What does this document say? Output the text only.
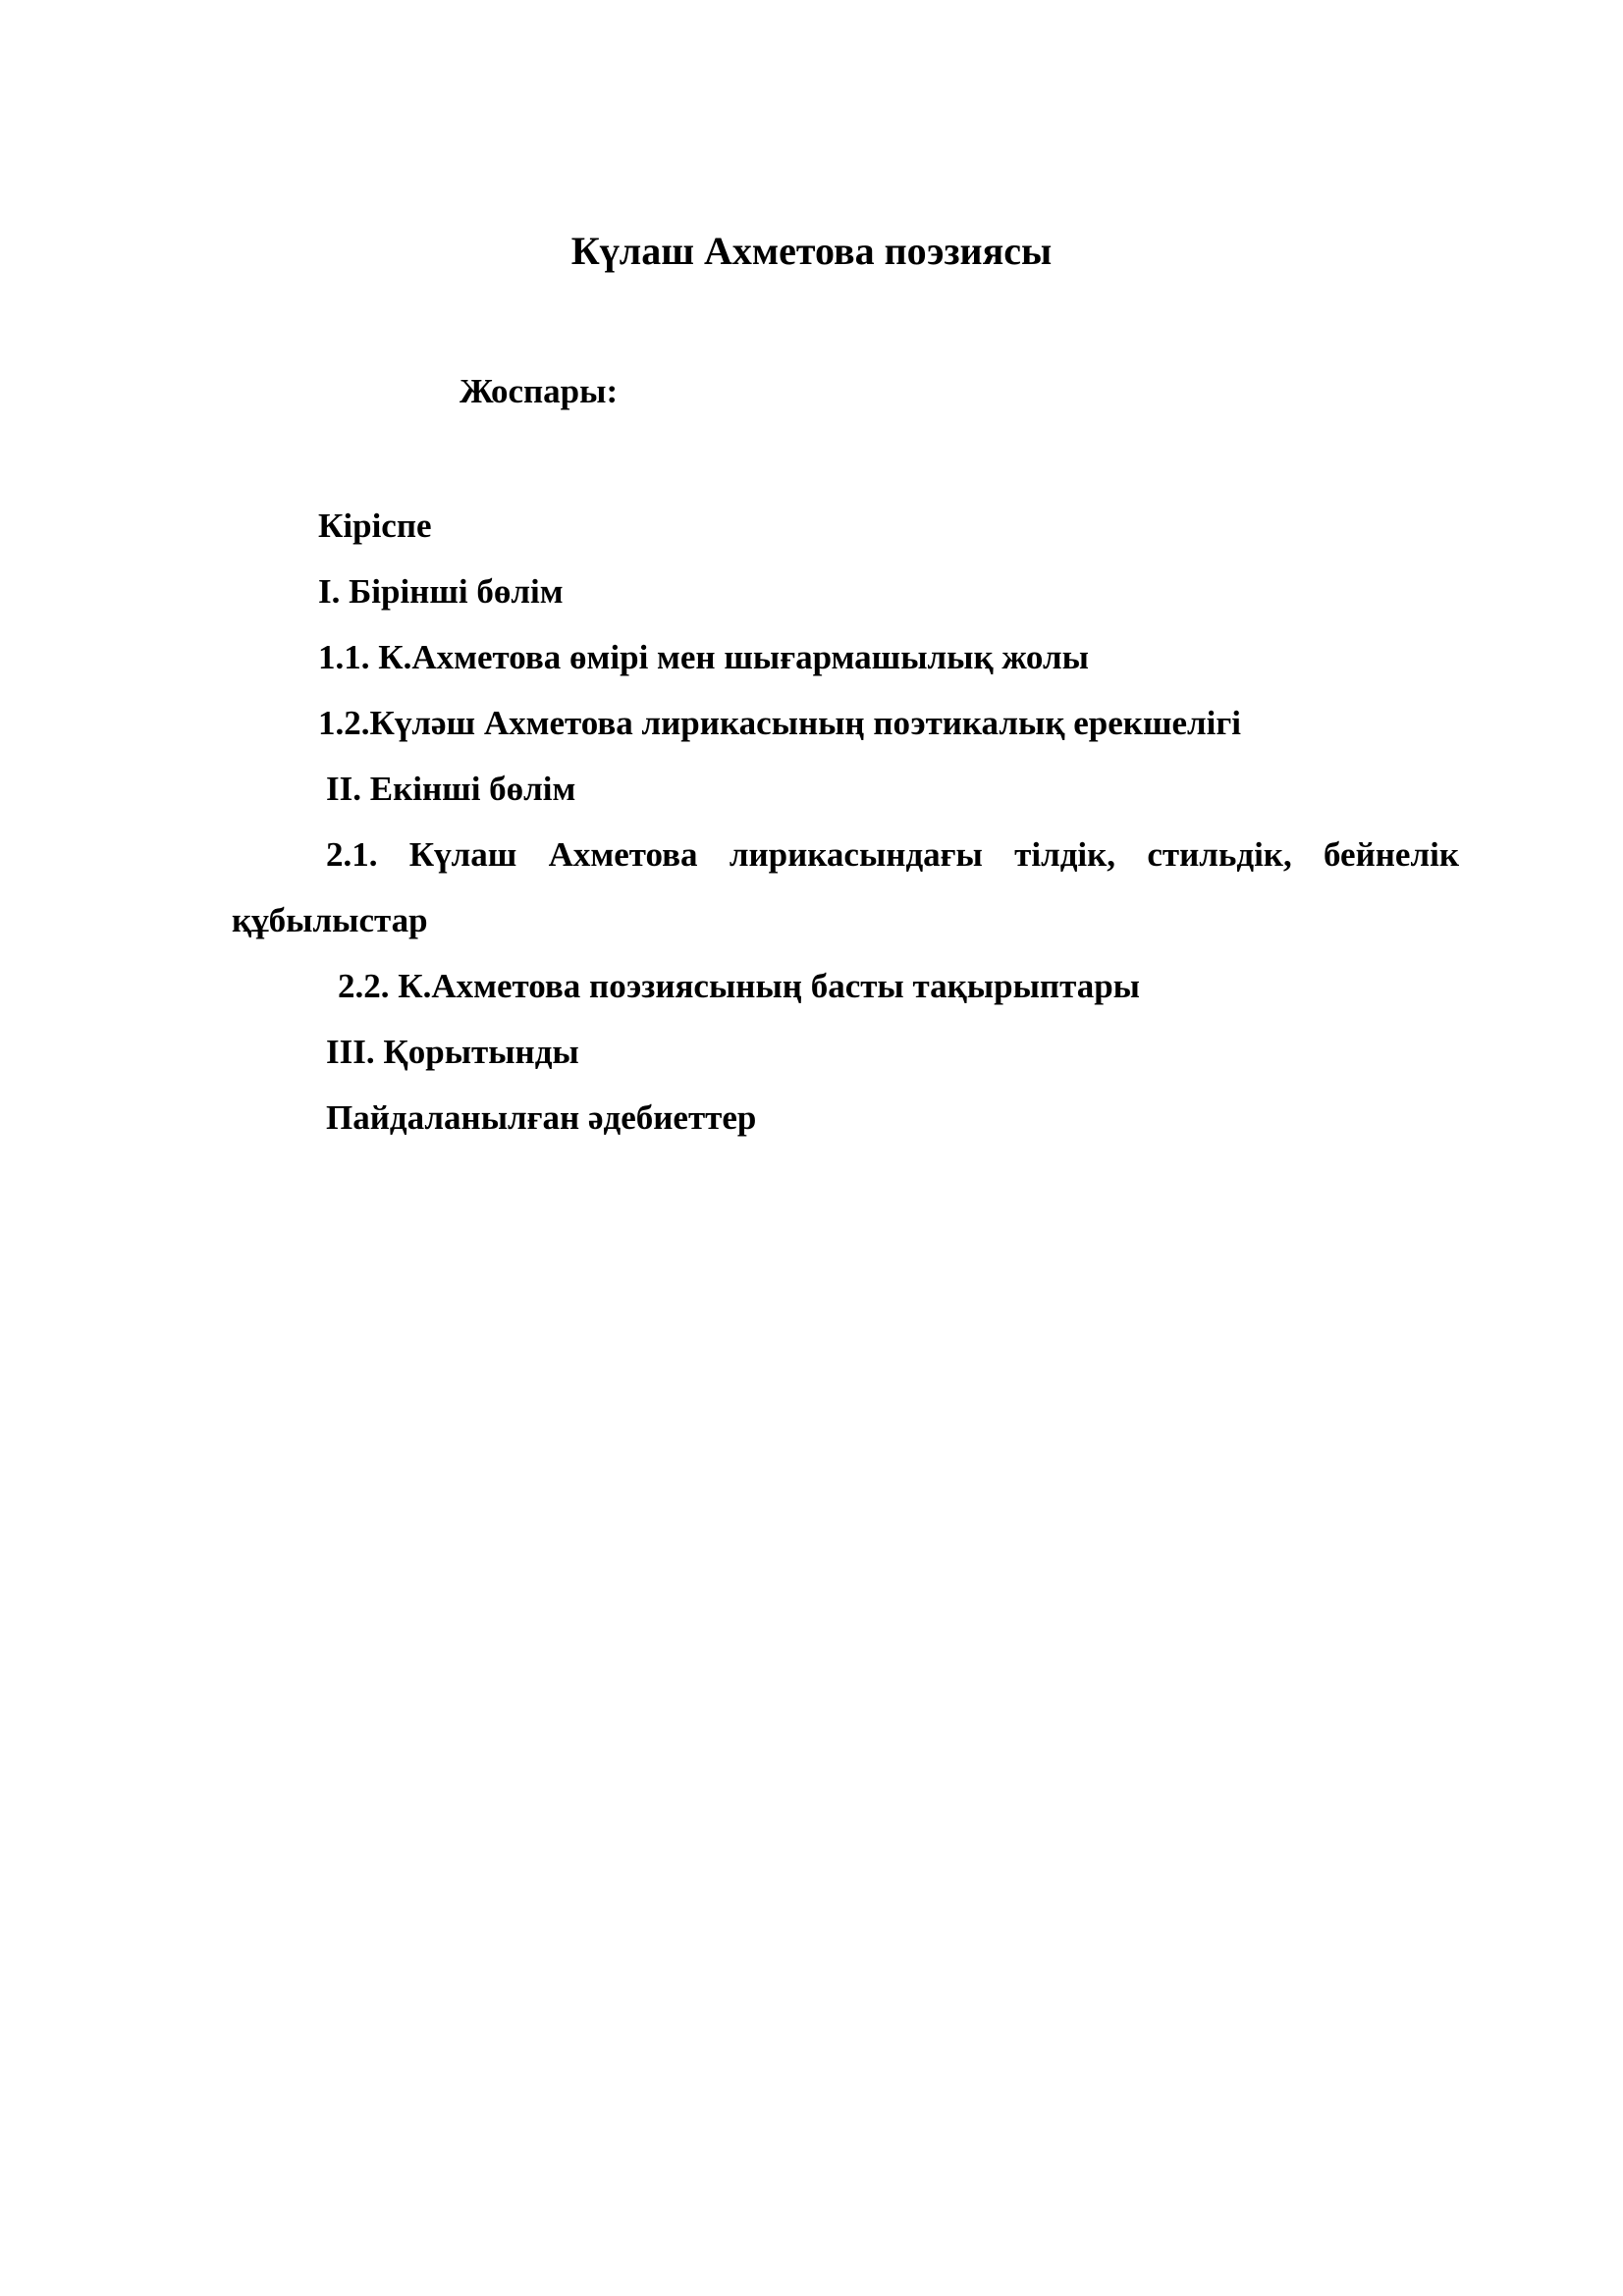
Күлаш Ахметова поэзиясы
Жоспары:
Кіріспе
I. Бірінші бөлім
1.1. К.Ахметова өмірі мен шығармашылық жолы
1.2.Күләш Ахметова лирикасының поэтикалық ерекшелігі
II. Екінші бөлім
2.1. Күлаш Ахметова лирикасындағы тілдік, стильдік, бейнелік
құбылыстар
2.2. К.Ахметова поэзиясының басты тақырыптары
III. Қорытынды
Пайдаланылған әдебиеттер
